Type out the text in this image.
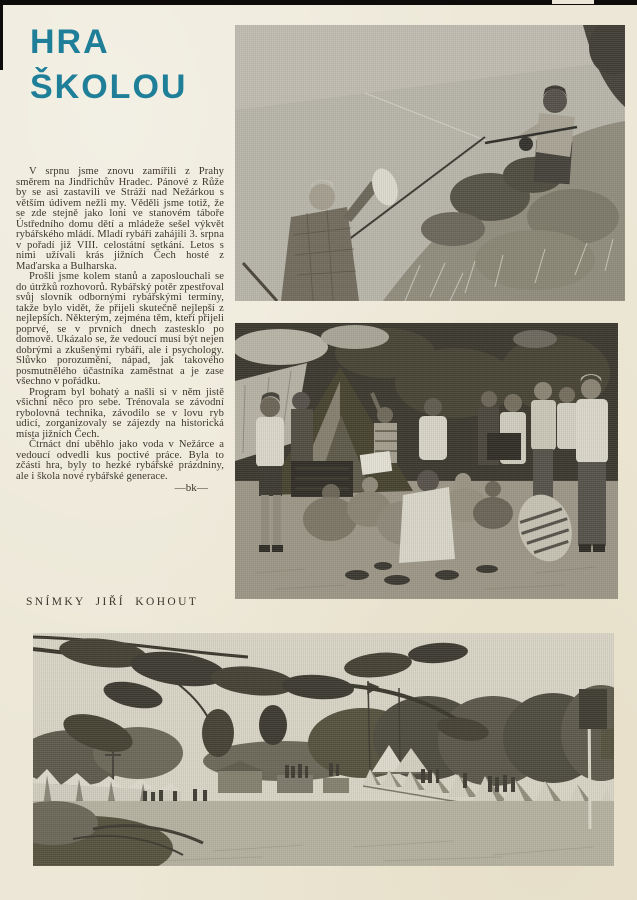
HRA
ŠKOLOU

V srpnu jsme znovu zamířili z Prahy směrem na Jindřichův Hradec. Pánové z Růže by se asi zastavili ve Stráži nad Nežárkou s větším údivem nežli my. Věděli jsme totiž, že se zde stejně jako loni ve stanovém táboře Ústředního domu dětí a mládeže sešel výkvět rybářského mládí. Mladí rybáři zahájili 3. srpna v pořadí již VIII. celostátní setkání. Letos s nimi užívali krás jižních Čech hosté z Maďarska a Bulharska.

Prošli jsme kolem stanů a zaposlouchali se do útržků rozhovorů. Rybářský potěr zpestřoval svůj slovník odbornými rybářskými termíny, takže bylo vidět, že přijeli skutečně nejlepší z nejlepších. Některým, zejména těm, kteří přijeli poprvé, se v prvních dnech zastesklo po domově. Ukázalo se, že vedoucí musí být nejen dobrými a zkušenými rybáři, ale i psychology. Slůvko porozumění, nápad, jak takového posmutnělého účastníka zaměstnat a je zase všechno v pořádku.

Program byl bohatý a našli si v něm jistě všichni něco pro sebe. Trénovala se závodní rybolovná technika, závodilo se v lovu ryb udicí, zorganizovaly se zájezdy na historická místa jižních Čech.

Čtrnáct dní uběhlo jako voda v Nežárce a vedoucí odvedli kus poctivé práce. Byla to zčásti hra, byly to hezké rybářské prázdniny, ale i škola nové rybářské generace.

—bk—
SNÍMKY JIŘÍ KOHOUT
